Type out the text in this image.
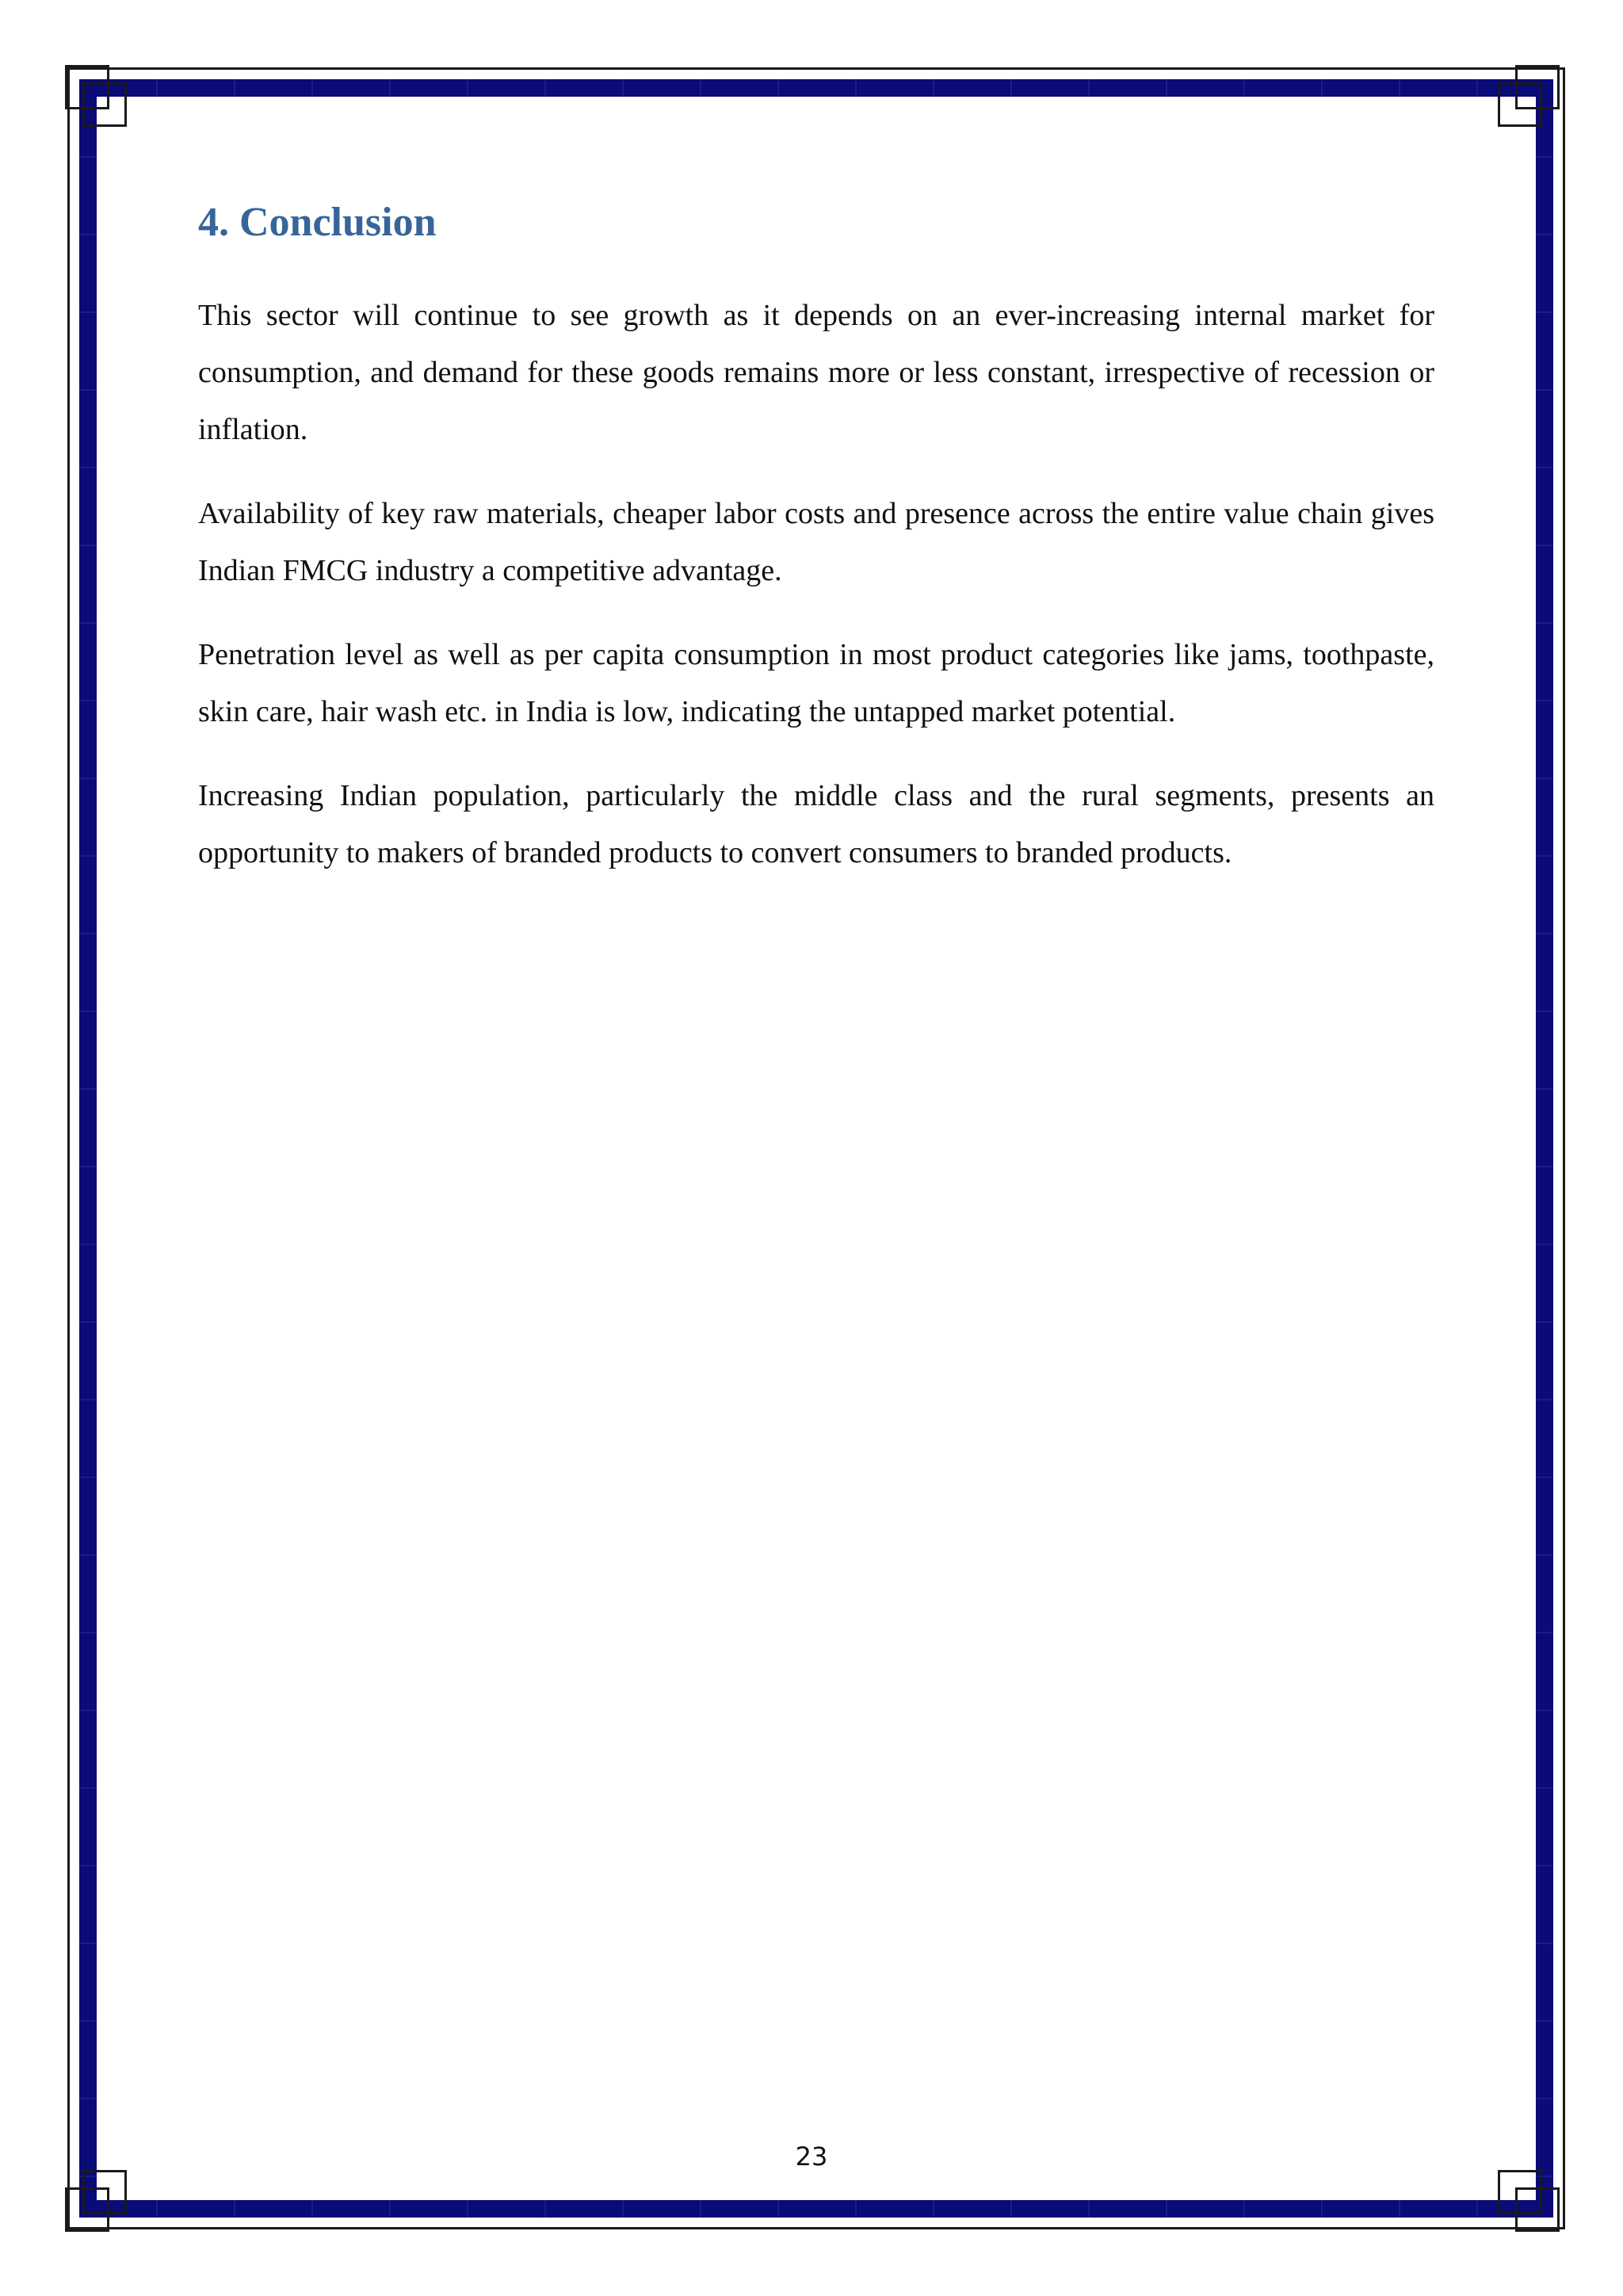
4. Conclusion

This sector will continue to see growth as it depends on an ever-increasing internal market for consumption, and demand for these goods remains more or less constant, irrespective of recession or inflation.

Availability of key raw materials, cheaper labor costs and presence across the entire value chain gives Indian FMCG industry a competitive advantage.

Penetration level as well as per capita consumption in most product categories like jams, toothpaste, skin care, hair wash etc. in India is low, indicating the untapped market potential.

Increasing Indian population, particularly the middle class and the rural segments, presents an opportunity to makers of branded products to convert consumers to branded products.

23
